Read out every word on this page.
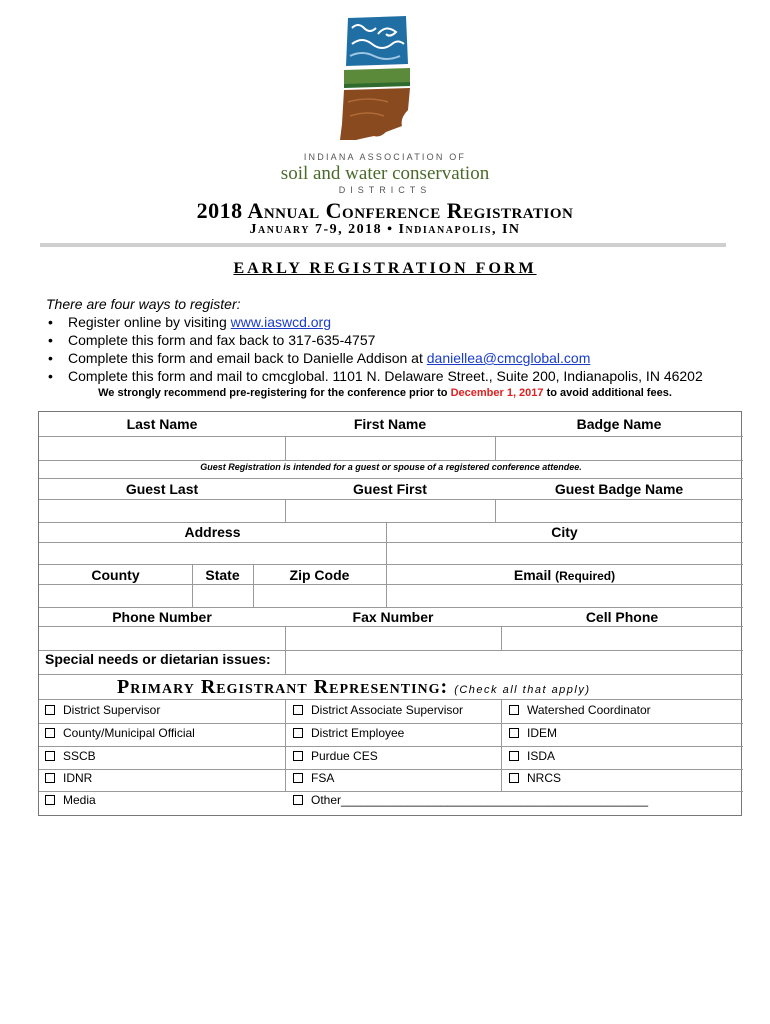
INDIANA ASSOCIATION OF
soil and water conservation
DISTRICTS
2018 Annual Conference Registration
January 7-9, 2018 • Indianapolis, IN
EARLY REGISTRATION FORM
There are four ways to register:
• Register online by visiting www.iaswcd.org
• Complete this form and fax back to 317-635-4757
• Complete this form and email back to Danielle Addison at daniellea@cmcglobal.com
• Complete this form and mail to cmcglobal. 1101 N. Delaware Street., Suite 200, Indianapolis, IN 46202
We strongly recommend pre-registering for the conference prior to December 1, 2017 to avoid additional fees.
Last Name	First Name	Badge Name
Guest Registration is intended for a guest or spouse of a registered conference attendee.
Guest Last	Guest First	Guest Badge Name
Address	City
County	State	Zip Code	Email (Required)
Phone Number	Fax Number	Cell Phone
Special needs or dietarian issues:
Primary Registrant Representing: (Check all that apply)
District Supervisor	District Associate Supervisor	Watershed Coordinator
County/Municipal Official	District Employee	IDEM
SSCB	Purdue CES	ISDA
IDNR	FSA	NRCS
Media	Other______________________________________________
